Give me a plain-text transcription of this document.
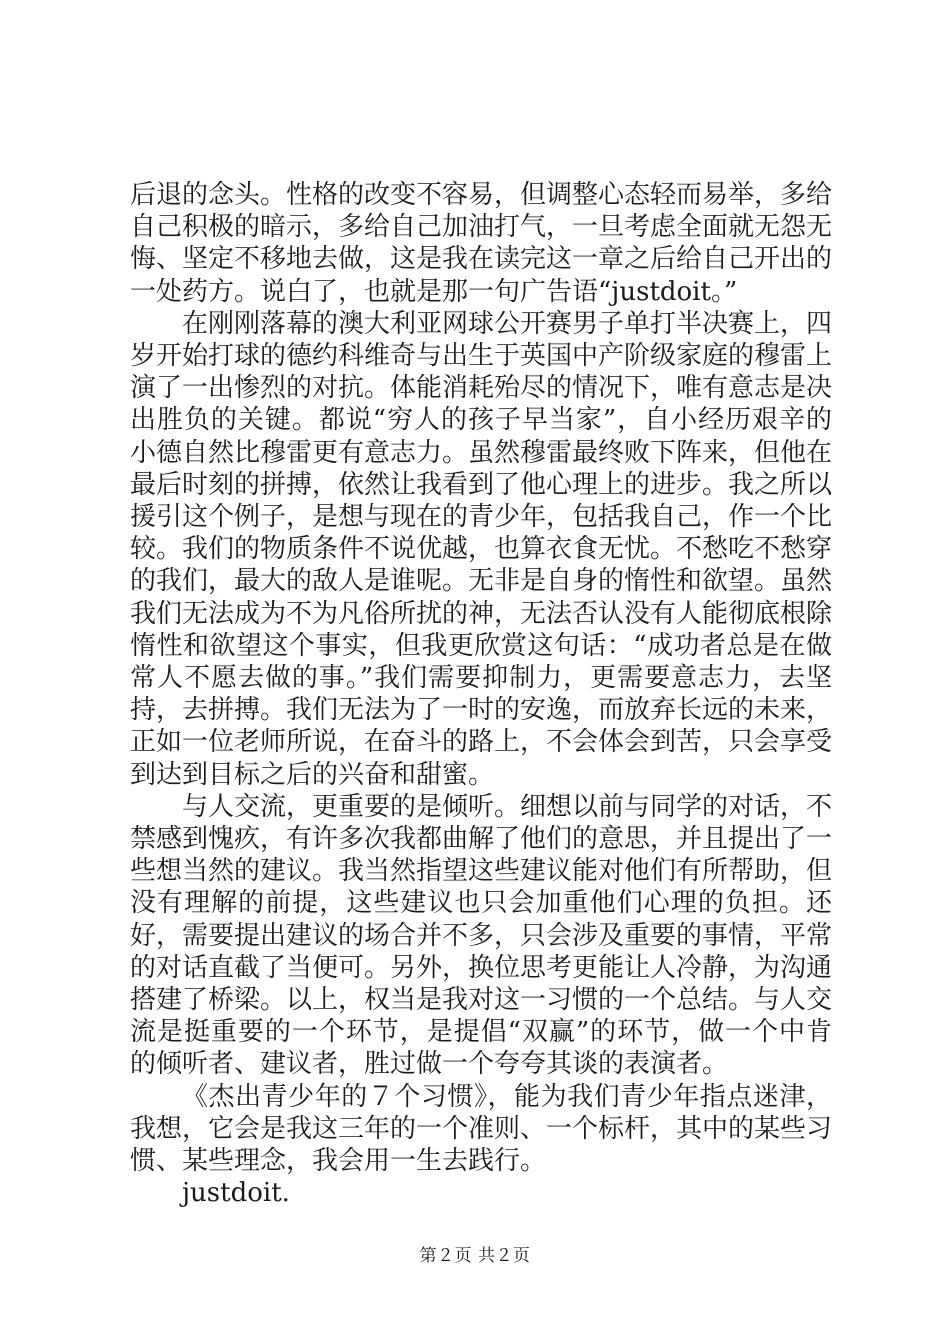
后退的念头。性格的改变不容易，但调整心态轻而易举，多给自己积极的暗示，多给自己加油打气，一旦考虑全面就无怨无悔、坚定不移地去做，这是我在读完这一章之后给自己开出的一处药方。说白了，也就是那一句广告语“justdoit。”

在刚刚落幕的澳大利亚网球公开赛男子单打半决赛上，四岁开始打球的德约科维奇与出生于英国中产阶级家庭的穆雷上演了一出惨烈的对抗。体能消耗殆尽的情况下，唯有意志是决出胜负的关键。都说“穷人的孩子早当家”，自小经历艰辛的小德自然比穆雷更有意志力。虽然穆雷最终败下阵来，但他在最后时刻的拼搏，依然让我看到了他心理上的进步。我之所以援引这个例子，是想与现在的青少年，包括我自己，作一个比较。我们的物质条件不说优越，也算衣食无忧。不愁吃不愁穿的我们，最大的敌人是谁呢。无非是自身的惰性和欲望。虽然我们无法成为不为凡俗所扰的神，无法否认没有人能彻底根除惰性和欲望这个事实，但我更欣赏这句话：“成功者总是在做常人不愿去做的事。”我们需要抑制力，更需要意志力，去坚持，去拼搏。我们无法为了一时的安逸，而放弃长远的未来，正如一位老师所说，在奋斗的路上，不会体会到苦，只会享受到达到目标之后的兴奋和甜蜜。

与人交流，更重要的是倾听。细想以前与同学的对话，不禁感到愧疚，有许多次我都曲解了他们的意思，并且提出了一些想当然的建议。我当然指望这些建议能对他们有所帮助，但没有理解的前提，这些建议也只会加重他们心理的负担。还好，需要提出建议的场合并不多，只会涉及重要的事情，平常的对话直截了当便可。另外，换位思考更能让人冷静，为沟通搭建了桥梁。以上，权当是我对这一习惯的一个总结。与人交流是挺重要的一个环节，是提倡“双赢”的环节，做一个中肯的倾听者、建议者，胜过做一个夸夸其谈的表演者。

《杰出青少年的７个习惯》，能为我们青少年指点迷津，我想，它会是我这三年的一个准则、一个标杆，其中的某些习惯、某些理念，我会用一生去践行。

justdoit.

第２页 共２页
